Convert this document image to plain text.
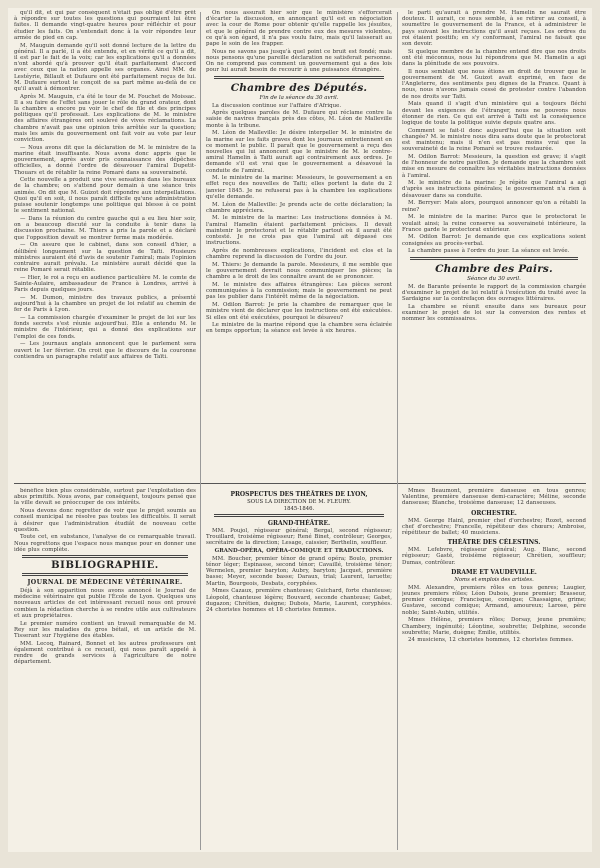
qu'il dit, et qui par conséquent n'était pas obligé d'être prêt à répondre sur toutes les questions qui pourraient lui être faites. Il demande vingt-quatre heures pour réfléchir et pour étudier les faits. On s'entendait donc à la voir répondre leur armée de pied en cap.

M. Mauguin demande qu'il soit donné lecture de la lettre du général. Il a parlé, il a été entendu, et en vérité ce qu'il a dit, il est par le fait de la voix; car les explications qu'il a données n'ont abordé qu'à prouver qu'il était parfaitement d'accord avec ceux que la nation appelle ses organes. Ainsi MM. de Lestéyrie, Billault et Dufaure ont été parfaitement reçus de lui. M. Dufaure surtout le conçoit de sa part même au-delà de ce qu'il avait à démontrer.

Après M. Mauguin, c'a été le tour de M. Fouchet de Moissac. Il a su faire de l'effet sans jouer le rôle du grand orateur, dont la chambre a encore pu voir le chef de file et des principes politiques qu'il professait. Les explications de M. le ministre des affaires étrangères ont soulevé de vives réclamations. La chambre n'avait pas une opinion très arrêtée sur la question; mais les amis du gouvernement ont fait voir au vote par leur conviction.

— Nous avons dit que la déclaration de M. le ministre de la marine était insuffisante. Nous avons donc appris que le gouvernement, après avoir pris connaissance des dépêches officielles, a donné l'ordre de désavouer l'amiral Dupetit-Thouars et de rétablir la reine Pomaré dans sa souveraineté.

Cette nouvelle a produit une vive sensation dans les bureaux de la chambre; on s'attend pour demain à une séance très animée. On dit que M. Guizot doit répondre aux interpellations. Quoi qu'il en soit, il nous paraît difficile qu'une administration puisse soutenir longtemps une politique qui blesse à ce point le sentiment national.

— Dans la réunion du centre gauche qui a eu lieu hier soir, on a beaucoup discuté sur la conduite à tenir dans la discussion prochaine. M. Thiers a pris la parole et a déclaré que l'opposition devait se montrer ferme mais modérée.

— On assure que le cabinet, dans son conseil d'hier, a délibéré longuement sur la question de Taïti. Plusieurs ministres auraient été d'avis de soutenir l'amiral; mais l'opinion contraire aurait prévalu. Le ministère aurait décidé que la reine Pomaré serait rétablie.

— Hier, le roi a reçu en audience particulière M. le comte de Sainte-Aulaire, ambassadeur de France à Londres, arrivé à Paris depuis quelques jours.

— M. Dumon, ministre des travaux publics, a présenté aujourd'hui à la chambre un projet de loi relatif au chemin de fer de Paris à Lyon.

— La commission chargée d'examiner le projet de loi sur les fonds secrets s'est réunie aujourd'hui. Elle a entendu M. le ministre de l'intérieur, qui a donné des explications sur l'emploi de ces fonds.

— Les journaux anglais annoncent que le parlement sera ouvert le 1er février. On croit que le discours de la couronne contiendra un paragraphe relatif aux affaires de Taïti.

On nous assurait hier soir que le ministère s'efforcerait d'écarter la discussion, en annonçant qu'il est en négociation avec la cour de Rome pour obtenir qu'elle rappelle les jésuites, et que le général de prendre contre eux des mesures violentes, ce qu'à son égard, il n'a pas voulu faire, mais qu'il laisserait au pape le soin de les frapper.

Nous ne savons pas jusqu'à quel point ce bruit est fondé; mais nous pensons qu'une pareille déclaration ne satisferait personne. On ne comprend pas comment un gouvernement qui a des lois pour lui aurait besoin de recourir à une puissance étrangère.

Chambre des Députés.
Fin de la séance du 30 avril.

La discussion continue sur l'affaire d'Afrique.

Après quelques paroles de M. Dufaure qui réclame contre la saisie de navires français près des côtes, M. Léon de Malleville monte à la tribune.

M. Léon de Malleville: Je désire interpeller M. le ministre de la marine sur les faits graves dont les journaux entretiennent en ce moment le public. Il paraît que le gouvernement a reçu des nouvelles qui lui annoncent que le ministre de M. le contre-amiral Hamelin à Taïti aurait agi contrairement aux ordres. Je demande s'il est vrai que le gouvernement a désavoué la conduite de l'amiral.

M. le ministre de la marine: Messieurs, le gouvernement a en effet reçu des nouvelles de Taïti; elles portent la date du 2 janvier 1845. Je ne refuserai pas à la chambre les explications qu'elle demande.

M. Léon de Malleville: Je prends acte de cette déclaration; la chambre appréciera.

M. le ministre de la marine: Les instructions données à M. l'amiral Hamelin étaient parfaitement précises. Il devait maintenir le protectorat et le rétablir partout où il aurait été contesté. Je ne crois pas que l'amiral ait dépassé ces instructions.

Après de nombreuses explications, l'incident est clos et la chambre reprend la discussion de l'ordre du jour.

M. Thiers: Je demande la parole. Messieurs, il me semble que le gouvernement devrait nous communiquer les pièces; la chambre a le droit de les connaître avant de se prononcer.

M. le ministre des affaires étrangères: Les pièces seront communiquées à la commission; mais le gouvernement ne peut pas les publier dans l'intérêt même de la négociation.

M. Odilon Barrot: Je prie la chambre de remarquer que le ministre vient de déclarer que les instructions ont été exécutées. Si elles ont été exécutées, pourquoi le désaveu?

Le ministre de la marine répond que la chambre sera éclairée en temps opportun; la séance est levée à six heures.

le parti qu'aurait à prendre M. Hamelin ne saurait être douteux. Il aurait, ce nous semble, à se retirer au conseil, à soumettre le gouvernement de la France, et à administrer le pays suivant les instructions qu'il avait reçues. Les ordres du roi étaient positifs; en s'y conformant, l'amiral ne faisait que son devoir.

Si quelque membre de la chambre entend dire que nos droits ont été méconnus, nous lui répondrons que M. Hamelin a agi dans la plénitude de ses pouvoirs.

Il nous semblait que nous étions en droit de trouver que le gouvernement de M. Guizot avait exprimé, en face de l'Angleterre, des sentiments peu dignes de la France. Quant à nous, nous n'avons jamais cessé de protester contre l'abandon de nos droits sur Taïti.

Mais quand il s'agit d'un ministère qui a toujours fléchi devant les exigences de l'étranger, nous ne pouvons nous étonner de rien. Ce qui est arrivé à Taïti est la conséquence logique de toute la politique suivie depuis quatre ans.

Comment se fait-il donc aujourd'hui que la situation soit changée? M. le ministre nous dira sans doute que le protectorat est maintenu; mais il n'en est pas moins vrai que la souveraineté de la reine Pomaré se trouve restaurée.

M. Odilon Barrot: Messieurs, la question est grave; il s'agit de l'honneur de notre pavillon. Je demande que la chambre soit mise en mesure de connaître les véritables instructions données à l'amiral.

M. le ministre de la marine: Je répète que l'amiral a agi d'après ses instructions générales; le gouvernement n'a rien à désavouer dans sa conduite.

M. Berryer: Mais alors, pourquoi annoncer qu'on a rétabli la reine?

M. le ministre de la marine: Parce que le protectorat le voulait ainsi; la reine conserve sa souveraineté intérieure, la France garde le protectorat extérieur.

M. Odilon Barrot: Je demande que ces explications soient consignées au procès-verbal.

La chambre passe à l'ordre du jour. La séance est levée.

Chambre des Pairs.
Séance du 30 avril.

M. de Barante présente le rapport de la commission chargée d'examiner le projet de loi relatif à l'exécution du traité avec la Sardaigne sur la contrefaçon des ouvrages littéraires.

La chambre se réunit ensuite dans ses bureaux pour examiner le projet de loi sur la conversion des rentes et nommer les commissaires.

bénéfice bien plus considérable, surtout par l'exploitation des abus primitifs. Nous avons, par conséquent, toujours pensé que la ville devait se préoccuper de ces intérêts.

Nous devons donc regretter de voir que le projet soumis au conseil municipal ne résolve pas toutes les difficultés. Il serait à désirer que l'administration étudiât de nouveau cette question.

Toute cet, en substance, l'analyse de ce remarquable travail. Nous regrettons que l'espace nous manque pour en donner une idée plus complète.

BIBLIOGRAPHIE.
JOURNAL DE MÉDECINE VÉTÉRINAIRE.

Déjà à son apparition nous avons annoncé le Journal de médecine vétérinaire qui publie l'École de Lyon. Quelques uns nouveaux articles de cet intéressant recueil nous ont prouvé combien la rédaction cherche à se rendre utile aux cultivateurs et aux propriétaires.

Le premier numéro contient un travail remarquable de M. Rey sur les maladies du gros bétail, et un article de M. Tisserant sur l'hygiène des étables.

MM. Lecoq, Rainard, Bonnet et les autres professeurs ont également contribué à ce recueil, qui nous paraît appelé à rendre de grands services à l'agriculture de notre département.

PROSPECTUS DES THÉÂTRES DE LYON,
SOUS LA DIRECTION DE M. FLEURY.
1845-1846.
GRAND-THÉÂTRE.

MM. Poujol, régisseur général; Bergal, second régisseur; Trouillard, troisième régisseur; René Binet, contrôleur; Georges, secrétaire de la direction; Lesage, caissier; Berthelin, souffleur.

GRAND-OPÉRA, OPÉRA-COMIQUE ET TRADUCTIONS.

MM. Boucher, premier ténor de grand opéra; Boulo, premier ténor léger; Espinasse, second ténor; Cavaillé, troisième ténor; Wermelen, premier baryton; Aubry, baryton; Jacquet, première basse; Meyer, seconde basse; Daraux, trial; Laurent, laruette; Martin, Bourgeois, Desbats, coryphées.

Mmes Cazaux, première chanteuse; Guichard, forte chanteuse; Léopold, chanteuse légère; Bouvard, seconde chanteuse; Gabet, dugazon; Chrétien, duègne; Dubois, Marie, Laurent, coryphées. 24 choristes hommes et 18 choristes femmes.

Mmes Beaumont, première danseuse en tous genres; Valentine, première danseuse demi-caractère; Méline, seconde danseuse; Blanche, troisième danseuse; 12 danseuses.

ORCHESTRE.

MM. George Hainl, premier chef d'orchestre; Rozet, second chef d'orchestre; Francelle, répétiteur des chœurs; Ambroise, répétiteur de ballet; 40 musiciens.

THÉÂTRE DES CÉLESTINS.

MM. Lefebvre, régisseur général; Aug. Blanc, second régisseur; Gasté, troisième régisseur; Chrétien, souffleur; Dumas, contrôleur.

DRAME ET VAUDEVILLE.
Noms et emplois des artistes.

MM. Alexandre, premiers rôles en tous genres; Laugier, jeunes premiers rôles; Léon Dubois, jeune premier; Brasseur, premier comique; Francisque, comique; Chassaigne, grime; Gustave, second comique; Armand, amoureux; Larose, père noble; Saint-Aubin, utilités.

Mmes Hélène, premiers rôles; Dorsay, jeune première; Chambery, ingénuité; Léontine, soubrette; Delphine, seconde soubrette; Marie, duègne; Émilie, utilités.

24 musiciens, 12 choristes hommes, 12 choristes femmes.
